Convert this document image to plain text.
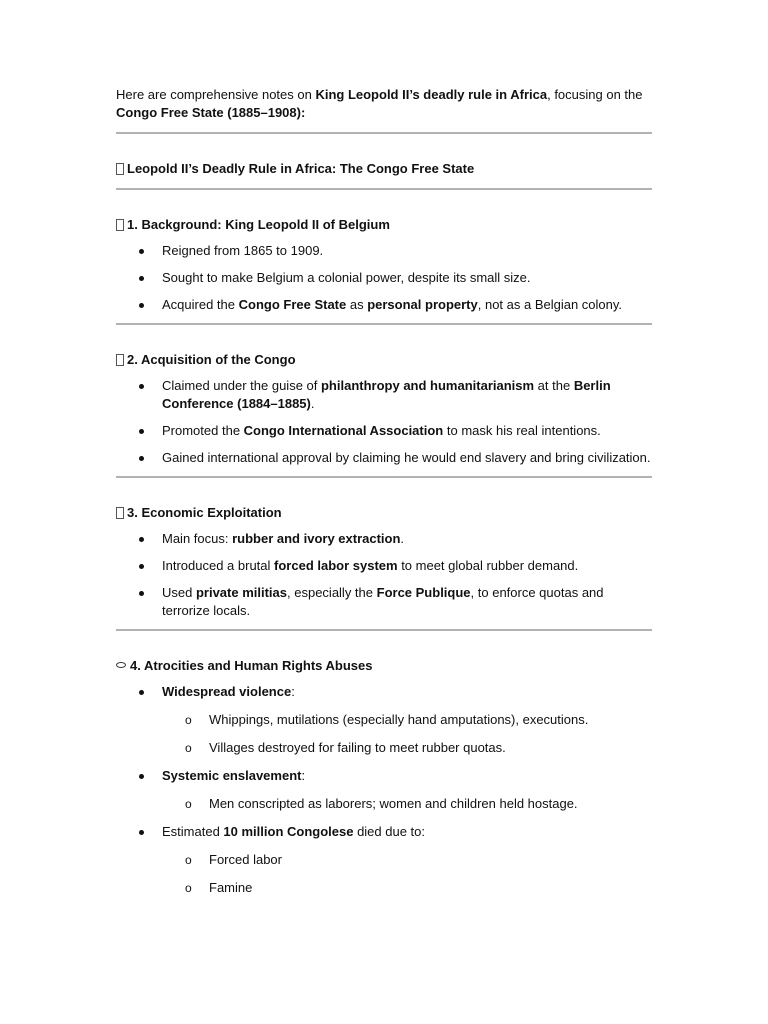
Here are comprehensive notes on King Leopold II’s deadly rule in Africa, focusing on the Congo Free State (1885–1908):

Leopold II’s Deadly Rule in Africa: The Congo Free State

1. Background: King Leopold II of Belgium

Reigned from 1865 to 1909.
Sought to make Belgium a colonial power, despite its small size.
Acquired the Congo Free State as personal property, not as a Belgian colony.

2. Acquisition of the Congo

Claimed under the guise of philanthropy and humanitarianism at the Berlin Conference (1884–1885).
Promoted the Congo International Association to mask his real intentions.
Gained international approval by claiming he would end slavery and bring civilization.

3. Economic Exploitation

Main focus: rubber and ivory extraction.
Introduced a brutal forced labor system to meet global rubber demand.
Used private militias, especially the Force Publique, to enforce quotas and terrorize locals.

4. Atrocities and Human Rights Abuses

Widespread violence:
o Whippings, mutilations (especially hand amputations), executions.
o Villages destroyed for failing to meet rubber quotas.
Systemic enslavement:
o Men conscripted as laborers; women and children held hostage.
Estimated 10 million Congolese died due to:
o Forced labor
o Famine
